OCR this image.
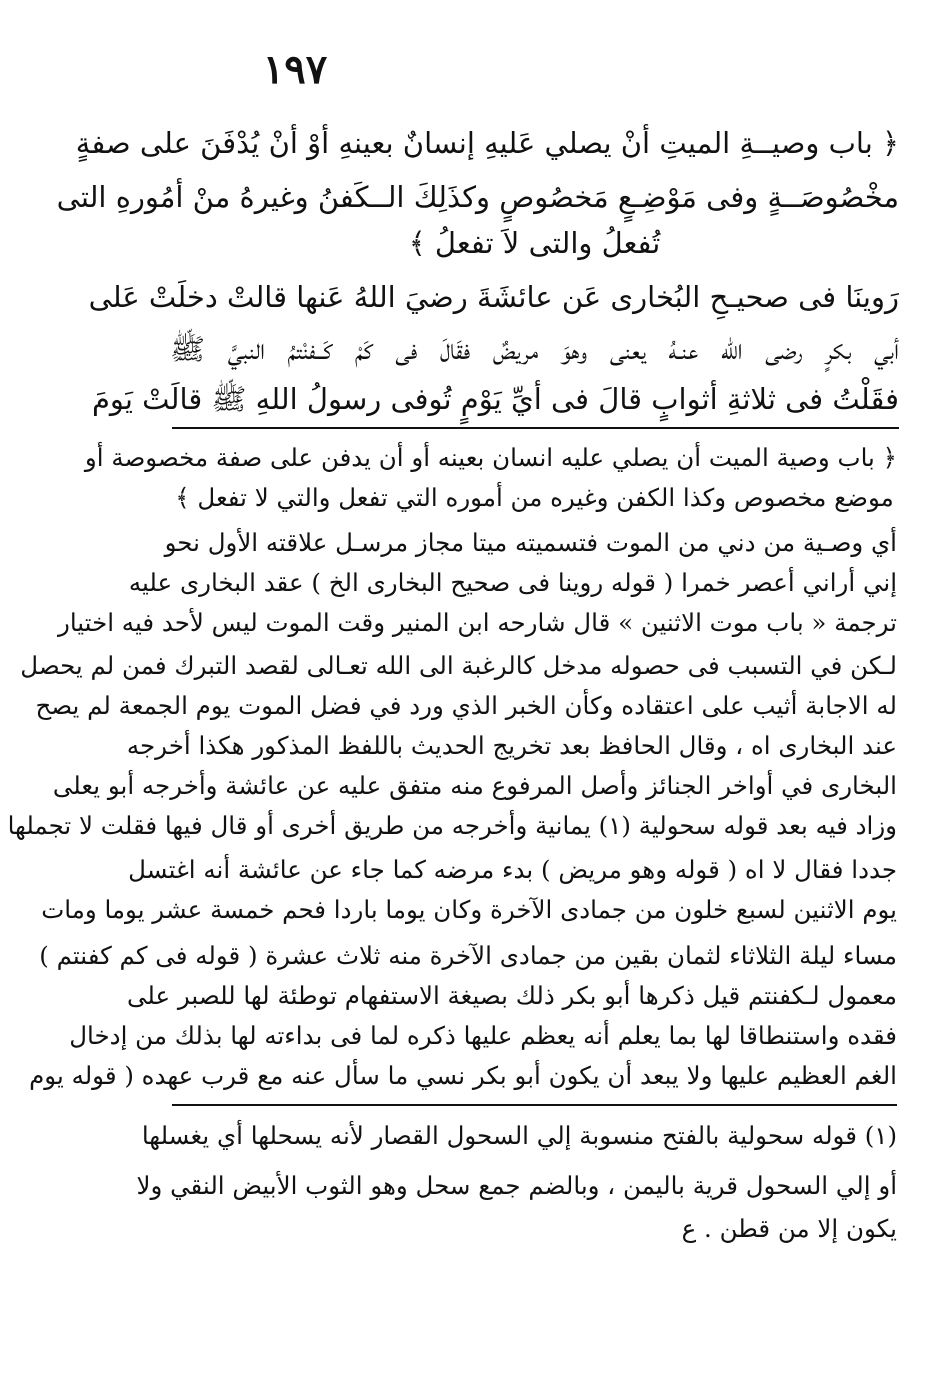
١٩٧
﴿ باب وصيــةِ الميتِ أنْ يصلي عَليهِ إنسانٌ بعينهِ أوْ أنْ يُدْفَنَ على صفةٍ
مخْصُوصَــةٍ وفى مَوْضِـعٍ مَخصُوصٍ وكذَلِكَ الــكَفنُ وغيرهُ منْ أمُورهِ التى
تُفعلُ والتى لاَ تفعلُ ﴾
رَوينَا فى صحيـحِ البُخارى عَن عائشَةَ رضيَ اللهُ عَنها قالتْ دخلَتْ عَلى
أبي بكرٍ رضى الله عنـهُ يعنى وهوَ مريضٌ فقَالَ فى كَمْ كَــفنْتمُ النبيَّ ﷺ
فقَلْتُ فى ثلاثةِ أثوابٍ قالَ فى أيِّ يَوْمٍ تُوفى رسولُ اللهِ ﷺ قالَتْ يَومَ
﴿ باب وصية الميت أن يصلي عليه انسان بعينه أو أن يدفن على صفة مخصوصة أو
موضع مخصوص وكذا الكفن وغيره من أموره التي تفعل والتي لا تفعل ﴾
أي وصـية من دني من الموت فتسميته ميتا مجاز مرسـل علاقته الأول نحو
إني أراني أعصر خمرا ( قوله روينا فى صحيح البخارى الخ ) عقد البخارى عليه
ترجمة « باب موت الاثنين » قال شارحه ابن المنير وقت الموت ليس لأحد فيه اختيار
لـكن في التسبب فى حصوله مدخل كالرغبة الى الله تعـالى لقصد التبرك فمن لم يحصل
له الاجابة أثيب على اعتقاده وكأن الخبر الذي ورد في فضل الموت يوم الجمعة لم يصح
عند البخارى اه ، وقال الحافظ بعد تخريج الحديث باللفظ المذكور هكذا أخرجه
البخارى في أواخر الجنائز وأصل المرفوع منه متفق عليه عن عائشة وأخرجه أبو يعلى
وزاد فيه بعد قوله سحولية (١) يمانية وأخرجه من طريق أخرى أو قال فيها فقلت لا تجملها
جددا فقال لا اه ( قوله وهو مريض ) بدء مرضه كما جاء عن عائشة أنه اغتسل
يوم الاثنين لسبع خلون من جمادى الآخرة وكان يوما باردا فحم خمسة عشر يوما ومات
مساء ليلة الثلاثاء لثمان بقين من جمادى الآخرة منه ثلاث عشرة ( قوله فى كم كفنتم )
معمول لـكفنتم قيل ذكرها أبو بكر ذلك بصيغة الاستفهام توطئة لها للصبر على
فقده واستنطاقا لها بما يعلم أنه يعظم عليها ذكره لما فى بداءته لها بذلك من إدخال
الغم العظيم عليها ولا يبعد أن يكون أبو بكر نسي ما سأل عنه مع قرب عهده ( قوله يوم
(١) قوله سحولية بالفتح منسوبة إلي السحول القصار لأنه يسحلها أي يغسلها
أو إلي السحول قرية باليمن ، وبالضم جمع سحل وهو الثوب الأبيض النقي ولا
يكون إلا من قطن . ع
